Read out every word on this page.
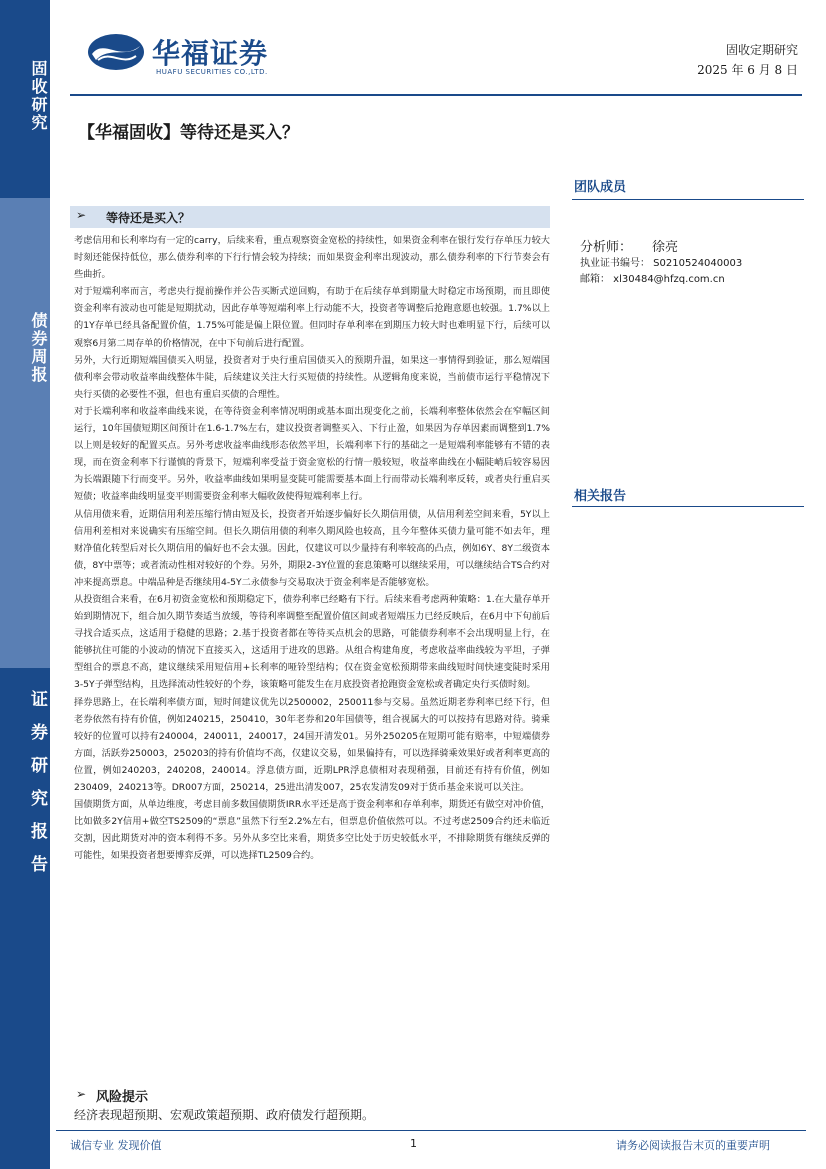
固收研究
债券周报
证券研究报告
华福证券
HUAFU SECURITIES CO.,LTD.
固收定期研究
2025 年 6 月 8 日
【华福固收】等待还是买入？
团队成员
分析师： 徐亮
执业证书编号： S0210524040003
邮箱： xl30484@hfzq.com.cn
相关报告
➢ 等待还是买入？

考虑信用和长利率均有一定的carry，后续来看，重点观察资金宽松的持续性，如果资金利率在银行发行存单压力较大时刻还能保持低位，那么债券利率的下行行情会较为持续；而如果资金利率出现波动，那么债券利率的下行节奏会有些曲折。

对于短端利率而言，考虑央行提前操作并公告买断式逆回购，有助于在后续存单到期量大时稳定市场预期，而且即使资金利率有波动也可能是短期扰动，因此存单等短端利率上行动能不大，投资者等调整后抢跑意愿也较强。1.7%以上的1Y存单已经具备配置价值，1.75%可能是偏上限位置。但同时存单利率在到期压力较大时也难明显下行，后续可以观察6月第二周存单的价格情况，在中下旬前后进行配置。

另外，大行近期短端国债买入明显，投资者对于央行重启国债买入的预期升温，如果这一事情得到验证，那么短端国债利率会带动收益率曲线整体牛陡，后续建议关注大行买短债的持续性。从逻辑角度来说，当前债市运行平稳情况下央行买债的必要性不强，但也有重启买债的合理性。

对于长端利率和收益率曲线来说，在等待资金利率情况明朗或基本面出现变化之前，长端利率整体依然会在窄幅区间运行，10年国债短期区间预计在1.6-1.7%左右，建议投资者调整买入、下行止盈，如果因为存单因素而调整到1.7%以上则是较好的配置买点。另外考虑收益率曲线形态依然平坦，长端利率下行的基础之一是短端利率能够有不错的表现，而在资金利率下行谨慎的背景下，短端利率受益于资金宽松的行情一般较短，收益率曲线在小幅陡峭后较容易因为长端跟随下行而变平。另外，收益率曲线如果明显变陡可能需要基本面上行而带动长端利率反转，或者央行重启买短债；收益率曲线明显变平则需要资金利率大幅收敛使得短端利率上行。

从信用债来看，近期信用利差压缩行情由短及长，投资者开始逐步偏好长久期信用债，从信用利差空间来看，5Y以上信用利差相对来说确实有压缩空间。但长久期信用债的利率久期风险也较高，且今年整体买债力量可能不如去年，理财净值化转型后对长久期信用的偏好也不会太强。因此，仅建议可以少量持有利率较高的凸点，例如6Y、8Y二级资本债，8Y中票等；或者流动性相对较好的个券。另外，期限2-3Y位置的套息策略可以继续采用，可以继续结合TS合约对冲来提高票息。中端品种是否继续用4-5Y二永债参与交易取决于资金利率是否能够宽松。

从投资组合来看，在6月初资金宽松和预期稳定下，债券利率已经略有下行。后续来看考虑两种策略：1.在大量存单开始到期情况下，组合加久期节奏适当放缓，等待利率调整至配置价值区间或者短端压力已经反映后，在6月中下旬前后寻找合适买点，这适用于稳健的思路；2.基于投资者都在等待买点机会的思路，可能债券利率不会出现明显上行，在能够抗住可能的小波动的情况下直接买入，这适用于进攻的思路。从组合构建角度，考虑收益率曲线较为平坦，子弹型组合的票息不高，建议继续采用短信用+长利率的哑铃型结构；仅在资金宽松预期带来曲线短时间快速变陡时采用3-5Y子弹型结构，且选择流动性较好的个券，该策略可能发生在月底投资者抢跑资金宽松或者确定央行买债时刻。

择券思路上，在长端利率债方面，短时间建议优先以2500002，250011参与交易。虽然近期老券利率已经下行，但老券依然有持有价值，例如240215，250410，30年老券和20年国债等，组合视属大的可以按持有思路对待。骑乘较好的位置可以持有240004，240011，240017，24国开清发01。另外250205在短期可能有赔率，中短端债券方面，活跃券250003，250203的持有价值均不高，仅建议交易，如果偏持有，可以选择骑乘效果好或者利率更高的位置，例如240203，240208，240014。浮息债方面，近期LPR浮息债相对表现稍强，目前还有持有价值，例如230409，240213等。DR007方面，250214，25进出清发007，25农发清发09对于货币基金来说可以关注。

国债期货方面，从单边维度，考虑目前多数国债期货IRR水平还是高于资金利率和存单利率，期货还有做空对冲价值，比如做多2Y信用+做空TS2509的“票息”虽然下行至2.2%左右，但票息价值依然可以。不过考虑2509合约还未临近交割，因此期货对冲的资本利得不多。另外从多空比来看，期货多空比处于历史较低水平，不排除期货有继续反弹的可能性，如果投资者想要博弈反弹，可以选择TL2509合约。

➢ 风险提示
经济表现超预期、宏观政策超预期、政府债发行超预期。
诚信专业 发现价值	1	请务必阅读报告末页的重要声明
